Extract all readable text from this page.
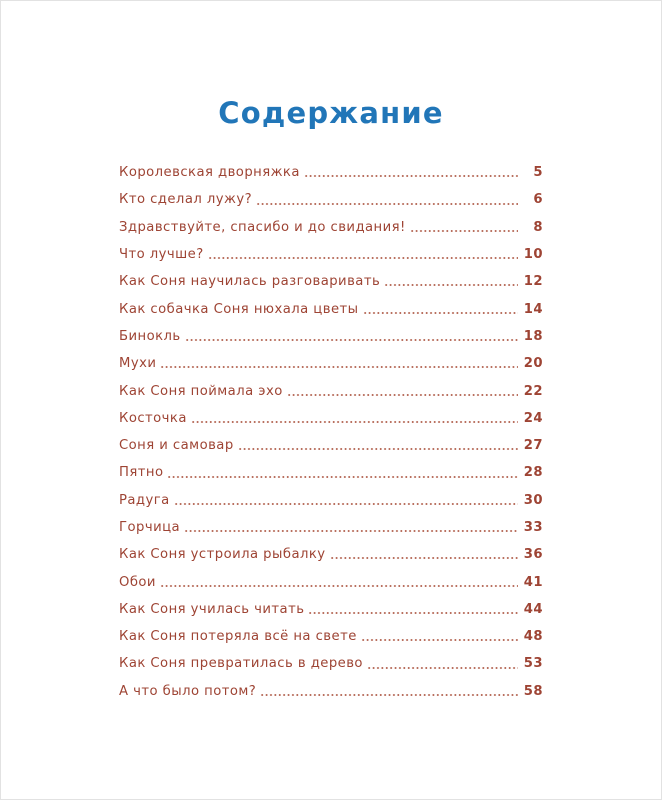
Содержание
Королевская дворняжка	5
Кто сделал лужу?	6
Здравствуйте, спасибо и до свидания!	8
Что лучше?	10
Как Соня научилась разговаривать	12
Как собачка Соня нюхала цветы	14
Бинокль	18
Мухи	20
Как Соня поймала эхо	22
Косточка	24
Соня и самовар	27
Пятно	28
Радуга	30
Горчица	33
Как Соня устроила рыбалку	36
Обои	41
Как Соня училась читать	44
Как Соня потеряла всё на свете	48
Как Соня превратилась в дерево	53
А что было потом?	58
